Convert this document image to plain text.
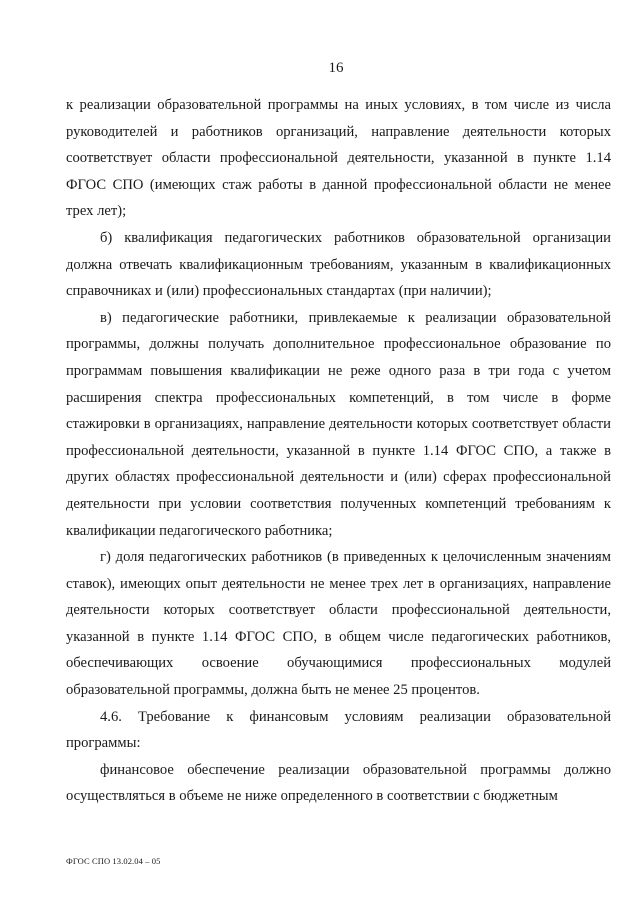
16

к реализации образовательной программы на иных условиях, в том числе из числа руководителей и работников организаций, направление деятельности которых соответствует области профессиональной деятельности, указанной в пункте 1.14 ФГОС СПО (имеющих стаж работы в данной профессиональной области не менее трех лет);

б) квалификация педагогических работников образовательной организации должна отвечать квалификационным требованиям, указанным в квалификационных справочниках и (или) профессиональных стандартах (при наличии);

в) педагогические работники, привлекаемые к реализации образовательной программы, должны получать дополнительное профессиональное образование по программам повышения квалификации не реже одного раза в три года с учетом расширения спектра профессиональных компетенций, в том числе в форме стажировки в организациях, направление деятельности которых соответствует области профессиональной деятельности, указанной в пункте 1.14 ФГОС СПО, а также в других областях профессиональной деятельности и (или) сферах профессиональной деятельности при условии соответствия полученных компетенций требованиям к квалификации педагогического работника;

г) доля педагогических работников (в приведенных к целочисленным значениям ставок), имеющих опыт деятельности не менее трех лет в организациях, направление деятельности которых соответствует области профессиональной деятельности, указанной в пункте 1.14 ФГОС СПО, в общем числе педагогических работников, обеспечивающих освоение обучающимися профессиональных модулей образовательной программы, должна быть не менее 25 процентов.

4.6. Требование к финансовым условиям реализации образовательной программы:

финансовое обеспечение реализации образовательной программы должно осуществляться в объеме не ниже определенного в соответствии с бюджетным

ФГОС СПО 13.02.04 – 05
